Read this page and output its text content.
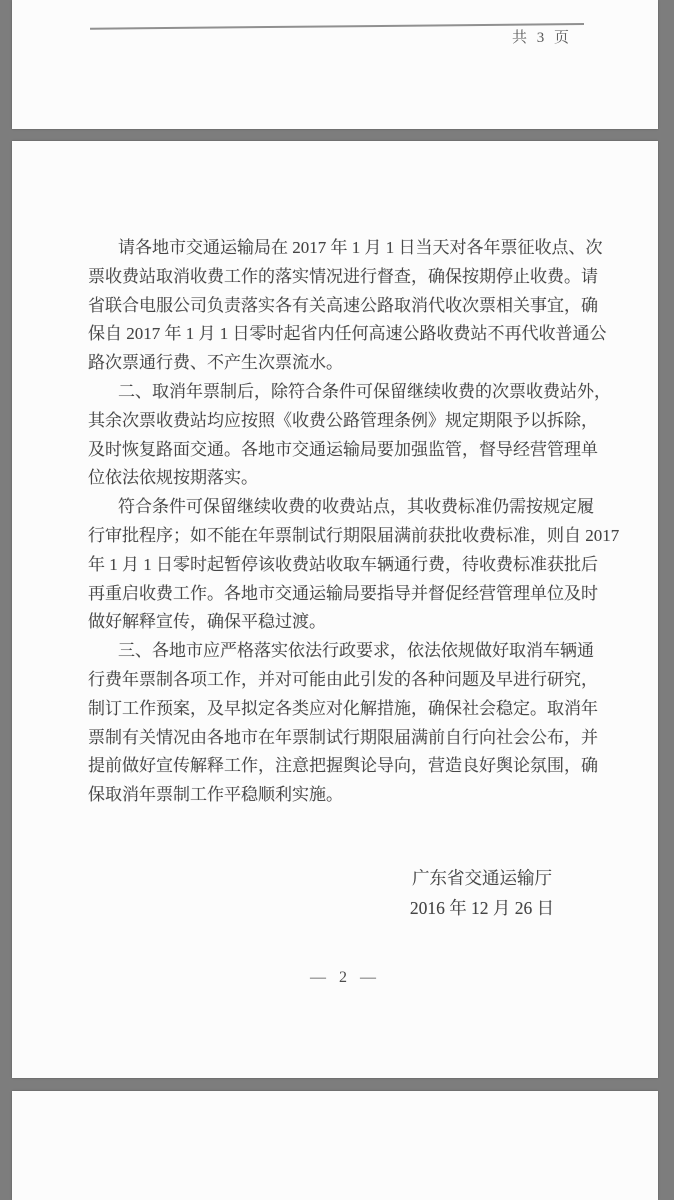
共 3 页
请各地市交通运输局在 2017 年 1 月 1 日当天对各年票征收点、次
票收费站取消收费工作的落实情况进行督查，确保按期停止收费。请
省联合电服公司负责落实各有关高速公路取消代收次票相关事宜，确
保自 2017 年 1 月 1 日零时起省内任何高速公路收费站不再代收普通公
路次票通行费、不产生次票流水。
二、取消年票制后，除符合条件可保留继续收费的次票收费站外，
其余次票收费站均应按照《收费公路管理条例》规定期限予以拆除，
及时恢复路面交通。各地市交通运输局要加强监管，督导经营管理单
位依法依规按期落实。
符合条件可保留继续收费的收费站点，其收费标准仍需按规定履
行审批程序；如不能在年票制试行期限届满前获批收费标准，则自 2017
年 1 月 1 日零时起暂停该收费站收取车辆通行费，待收费标准获批后
再重启收费工作。各地市交通运输局要指导并督促经营管理单位及时
做好解释宣传，确保平稳过渡。
三、各地市应严格落实依法行政要求，依法依规做好取消车辆通
行费年票制各项工作，并对可能由此引发的各种问题及早进行研究，
制订工作预案，及早拟定各类应对化解措施，确保社会稳定。取消年
票制有关情况由各地市在年票制试行期限届满前自行向社会公布，并
提前做好宣传解释工作，注意把握舆论导向，营造良好舆论氛围，确
保取消年票制工作平稳顺利实施。
广东省交通运输厅
2016 年 12 月 26 日
— 2 —
